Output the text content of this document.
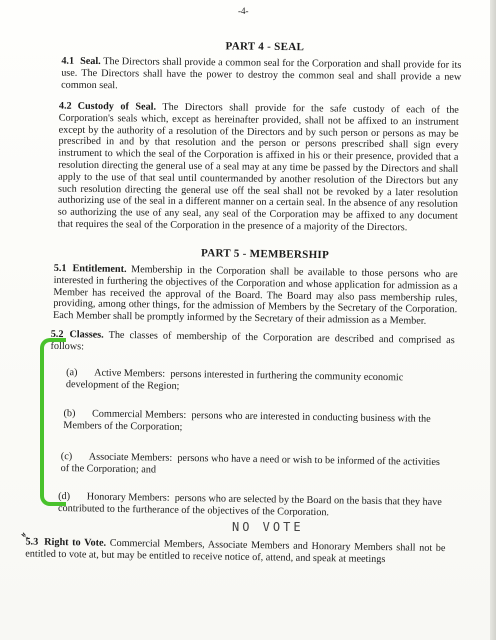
-4-
PART 4 - SEAL
4.1 Seal. The Directors shall provide a common seal for the Corporation and shall provide for its use. The Directors shall have the power to destroy the common seal and shall provide a new common seal.
4.2 Custody of Seal. The Directors shall provide for the safe custody of each of the Corporation's seals which, except as hereinafter provided, shall not be affixed to an instrument except by the authority of a resolution of the Directors and by such person or persons as may be prescribed in and by that resolution and the person or persons prescribed shall sign every instrument to which the seal of the Corporation is affixed in his or their presence, provided that a resolution directing the general use of a seal may at any time be passed by the Directors and shall apply to the use of that seal until countermanded by another resolution of the Directors but any such resolution directing the general use off the seal shall not be revoked by a later resolution authorizing use of the seal in a different manner on a certain seal. In the absence of any resolution so authorizing the use of any seal, any seal of the Corporation may be affixed to any document that requires the seal of the Corporation in the presence of a majority of the Directors.
PART 5 - MEMBERSHIP
5.1 Entitlement. Membership in the Corporation shall be available to those persons who are interested in furthering the objectives of the Corporation and whose application for admission as a Member has received the approval of the Board. The Board may also pass membership rules, providing, among other things, for the admission of Members by the Secretary of the Corporation. Each Member shall be promptly informed by the Secretary of their admission as a Member.
5.2 Classes. The classes of membership of the Corporation are described and comprised as follows:
(a) Active Members: persons interested in furthering the community economic development of the Region;
(b) Commercial Members: persons who are interested in conducting business with the Members of the Corporation;
(c) Associate Members: persons who have a need or wish to be informed of the activities of the Corporation; and
(d) Honorary Members: persons who are selected by the Board on the basis that they have contributed to the furtherance of the objectives of the Corporation.
5.3 Right to Vote. Commercial Members, Associate Members and Honorary Members shall not be entitled to vote at, but may be entitled to receive notice of, attend, and speak at meetings
NO VOTE
➴
